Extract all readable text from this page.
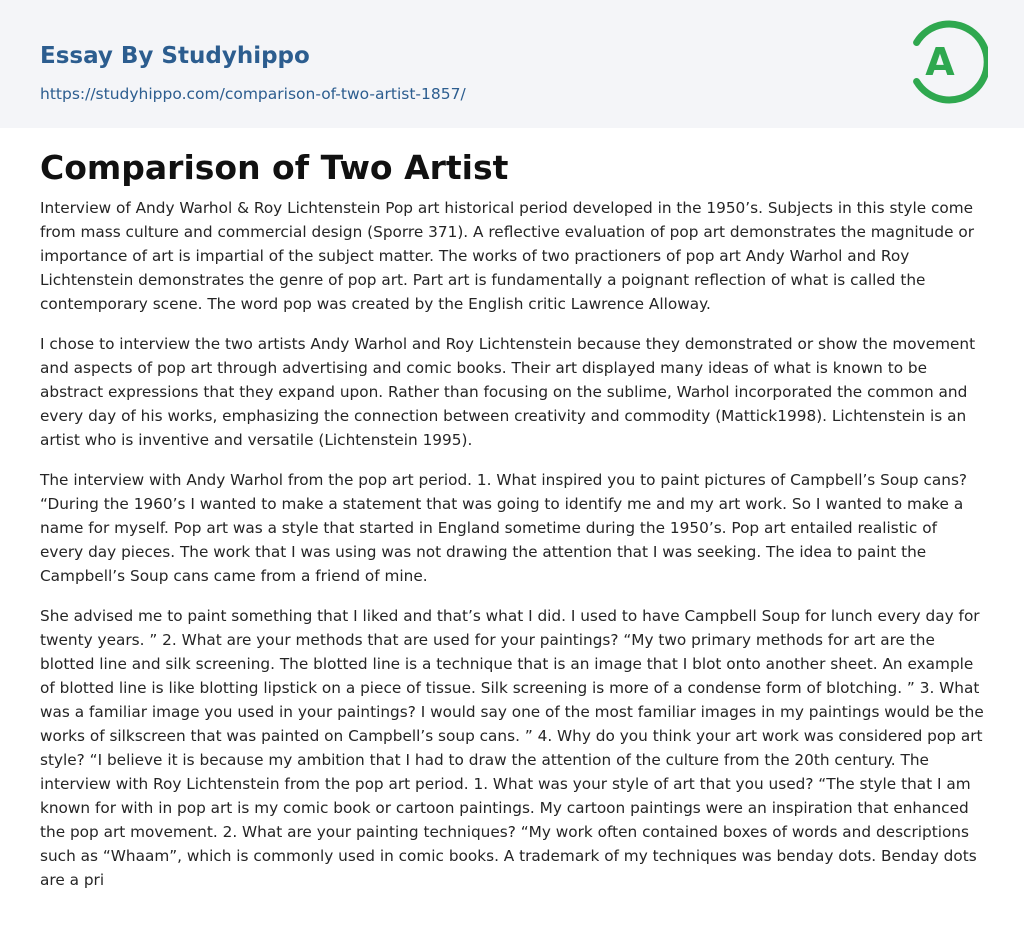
Essay By Studyhippo
https://studyhippo.com/comparison-of-two-artist-1857/
A
Comparison of Two Artist

Interview of Andy Warhol & Roy Lichtenstein Pop art historical period developed in the 1950’s. Subjects in this style come from mass culture and commercial design (Sporre 371). A reflective evaluation of pop art demonstrates the magnitude or importance of art is impartial of the subject matter. The works of two practioners of pop art Andy Warhol and Roy Lichtenstein demonstrates the genre of pop art. Part art is fundamentally a poignant reflection of what is called the contemporary scene. The word pop was created by the English critic Lawrence Alloway.

I chose to interview the two artists Andy Warhol and Roy Lichtenstein because they demonstrated or show the movement and aspects of pop art through advertising and comic books. Their art displayed many ideas of what is known to be abstract expressions that they expand upon. Rather than focusing on the sublime, Warhol incorporated the common and every day of his works, emphasizing the connection between creativity and commodity (Mattick1998). Lichtenstein is an artist who is inventive and versatile (Lichtenstein 1995).

The interview with Andy Warhol from the pop art period. 1. What inspired you to paint pictures of Campbell’s Soup cans? “During the 1960’s I wanted to make a statement that was going to identify me and my art work. So I wanted to make a name for myself. Pop art was a style that started in England sometime during the 1950’s. Pop art entailed realistic of every day pieces. The work that I was using was not drawing the attention that I was seeking. The idea to paint the Campbell’s Soup cans came from a friend of mine.

She advised me to paint something that I liked and that’s what I did. I used to have Campbell Soup for lunch every day for twenty years. ” 2. What are your methods that are used for your paintings? “My two primary methods for art are the blotted line and silk screening. The blotted line is a technique that is an image that I blot onto another sheet. An example of blotted line is like blotting lipstick on a piece of tissue. Silk screening is more of a condense form of blotching. ” 3. What was a familiar image you used in your paintings? I would say one of the most familiar images in my paintings would be the works of silkscreen that was painted on Campbell’s soup cans. ” 4. Why do you think your art work was considered pop art style? “I believe it is because my ambition that I had to draw the attention of the culture from the 20th century. The interview with Roy Lichtenstein from the pop art period. 1. What was your style of art that you used? “The style that I am known for with in pop art is my comic book or cartoon paintings. My cartoon paintings were an inspiration that enhanced the pop art movement. 2. What are your painting techniques? “My work often contained boxes of words and descriptions such as “Whaam”, which is commonly used in comic books. A trademark of my techniques was benday dots. Benday dots are a pri
